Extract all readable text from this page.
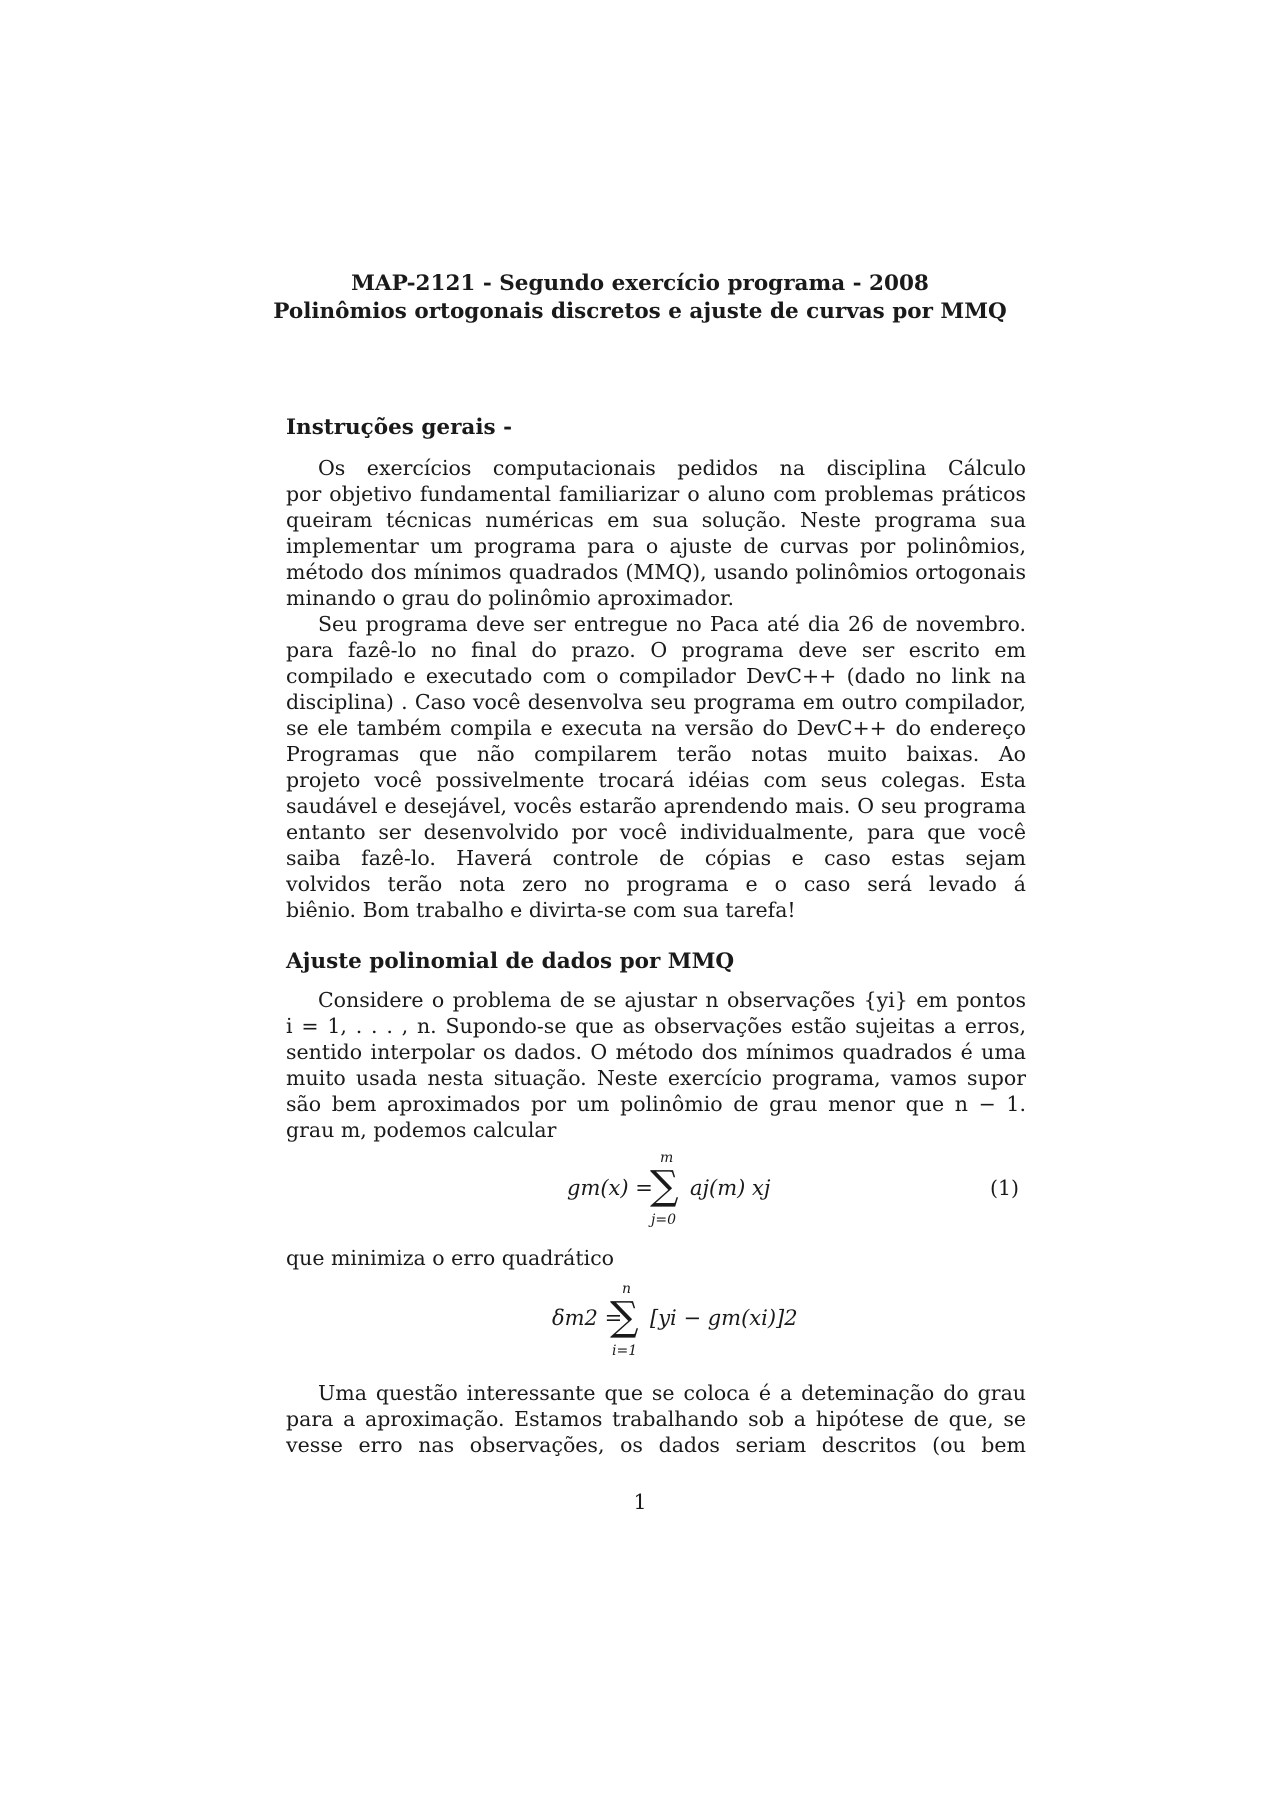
MAP-2121 - Segundo exercício programa - 2008
Polinômios ortogonais discretos e ajuste de curvas por MMQ
Instruções gerais -
Os exercícios computacionais pedidos na disciplina Cálculo
por objetivo fundamental familiarizar o aluno com problemas práticos
queiram técnicas numéricas em sua solução. Neste programa sua
implementar um programa para o ajuste de curvas por polinômios,
método dos mínimos quadrados (MMQ), usando polinômios ortogonais
minando o grau do polinômio aproximador.
Seu programa deve ser entregue no Paca até dia 26 de novembro.
para fazê-lo no final do prazo. O programa deve ser escrito em
compilado e executado com o compilador DevC++ (dado no link na
disciplina) . Caso você desenvolva seu programa em outro compilador,
se ele também compila e executa na versão do DevC++ do endereço
Programas que não compilarem terão notas muito baixas. Ao
projeto você possivelmente trocará idéias com seus colegas. Esta
saudável e desejável, vocês estarão aprendendo mais. O seu programa
entanto ser desenvolvido por você individualmente, para que você
saiba fazê-lo. Haverá controle de cópias e caso estas sejam
volvidos terão nota zero no programa e o caso será levado á
biênio. Bom trabalho e divirta-se com sua tarefa!
Ajuste polinomial de dados por MMQ
Considere o problema de se ajustar n observações {yi} em pontos
i = 1, . . . , n. Supondo-se que as observações estão sujeitas a erros,
sentido interpolar os dados. O método dos mínimos quadrados é uma
muito usada nesta situação. Neste exercício programa, vamos supor
são bem aproximados por um polinômio de grau menor que n − 1.
grau m, podemos calcular
gm(x) =
m
∑
j=0
aj(m) xj	(1)
que minimiza o erro quadrático
δm2 =
n
∑
i=1
[yi − gm(xi)]2
Uma questão interessante que se coloca é a deteminação do grau
para a aproximação. Estamos trabalhando sob a hipótese de que, se
vesse erro nas observações, os dados seriam descritos (ou bem
1
